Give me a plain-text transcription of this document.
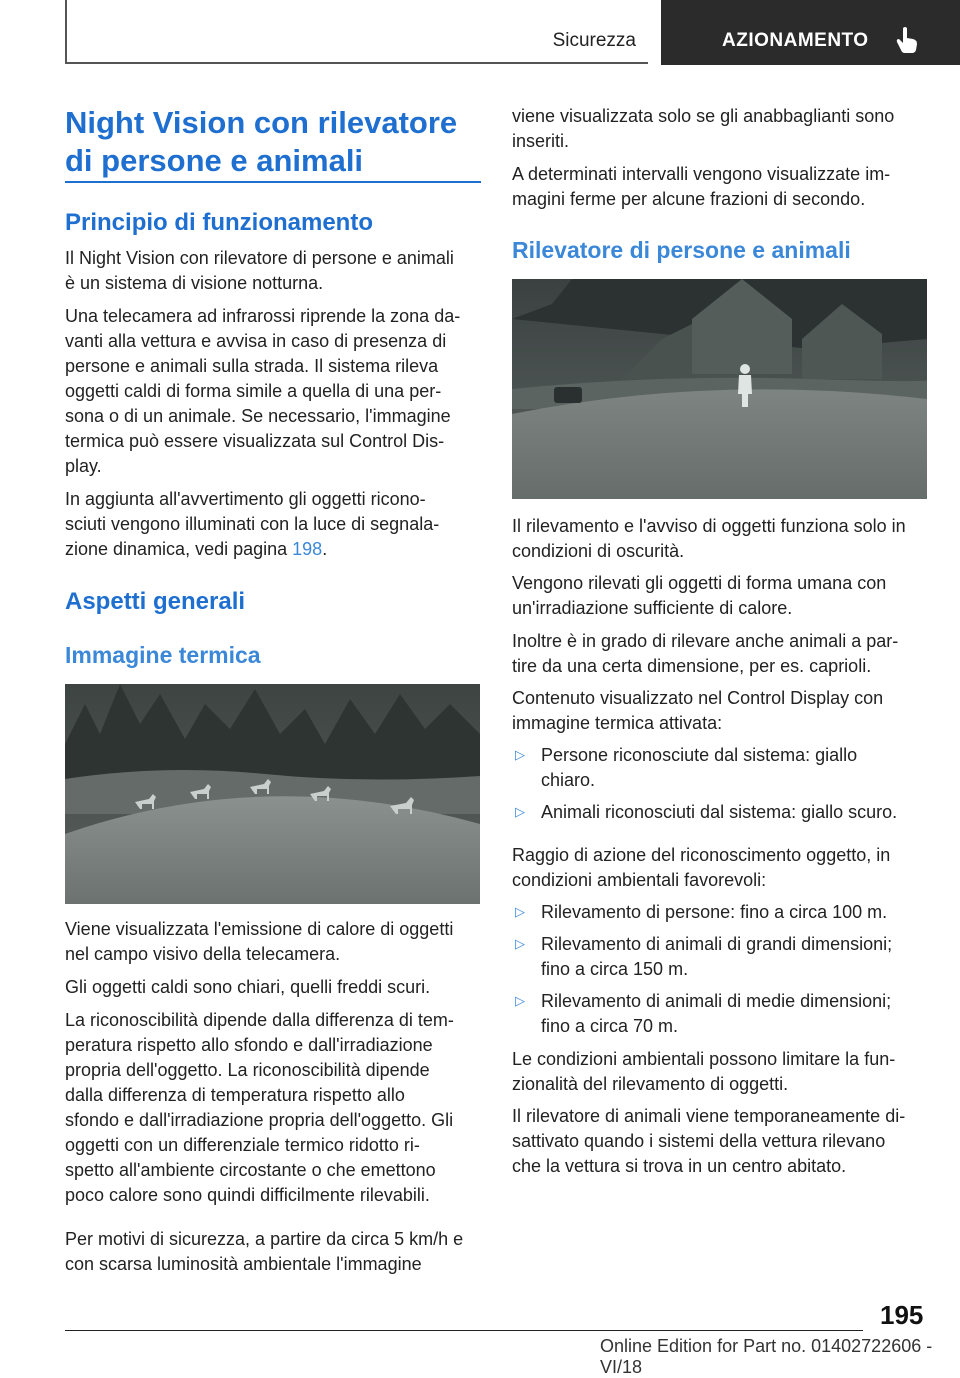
Sicurezza	AZIONAMENTO
Night Vision con rilevatore
di persone e animali
Principio di funzionamento
Il Night Vision con rilevatore di persone e animali
è un sistema di visione notturna.
Una telecamera ad infrarossi riprende la zona da-
vanti alla vettura e avvisa in caso di presenza di
persone e animali sulla strada. Il sistema rileva
oggetti caldi di forma simile a quella di una per-
sona o di un animale. Se necessario, l'immagine
termica può essere visualizzata sul Control Dis-
play.
In aggiunta all'avvertimento gli oggetti ricono-
sciuti vengono illuminati con la luce di segnala-
zione dinamica, vedi pagina 198.
Aspetti generali
Immagine termica
Viene visualizzata l'emissione di calore di oggetti
nel campo visivo della telecamera.
Gli oggetti caldi sono chiari, quelli freddi scuri.
La riconoscibilità dipende dalla differenza di tem-
peratura rispetto allo sfondo e dall'irradiazione
propria dell'oggetto. La riconoscibilità dipende
dalla differenza di temperatura rispetto allo
sfondo e dall'irradiazione propria dell'oggetto. Gli
oggetti con un differenziale termico ridotto ri-
spetto all'ambiente circostante o che emettono
poco calore sono quindi difficilmente rilevabili.
Per motivi di sicurezza, a partire da circa 5 km/h e
con scarsa luminosità ambientale l'immagine
viene visualizzata solo se gli anabbaglianti sono
inseriti.
A determinati intervalli vengono visualizzate im-
magini ferme per alcune frazioni di secondo.
Rilevatore di persone e animali
Il rilevamento e l'avviso di oggetti funziona solo in
condizioni di oscurità.
Vengono rilevati gli oggetti di forma umana con
un'irradiazione sufficiente di calore.
Inoltre è in grado di rilevare anche animali a par-
tire da una certa dimensione, per es. caprioli.
Contenuto visualizzato nel Control Display con
immagine termica attivata:
▷ Persone riconosciute dal sistema: giallo
chiaro.
▷ Animali riconosciuti dal sistema: giallo scuro.
Raggio di azione del riconoscimento oggetto, in
condizioni ambientali favorevoli:
▷ Rilevamento di persone: fino a circa 100 m.
▷ Rilevamento di animali di grandi dimensioni;
fino a circa 150 m.
▷ Rilevamento di animali di medie dimensioni;
fino a circa 70 m.
Le condizioni ambientali possono limitare la fun-
zionalità del rilevamento di oggetti.
Il rilevatore di animali viene temporaneamente di-
sattivato quando i sistemi della vettura rilevano
che la vettura si trova in un centro abitato.
195
Online Edition for Part no. 01402722606 - VI/18
